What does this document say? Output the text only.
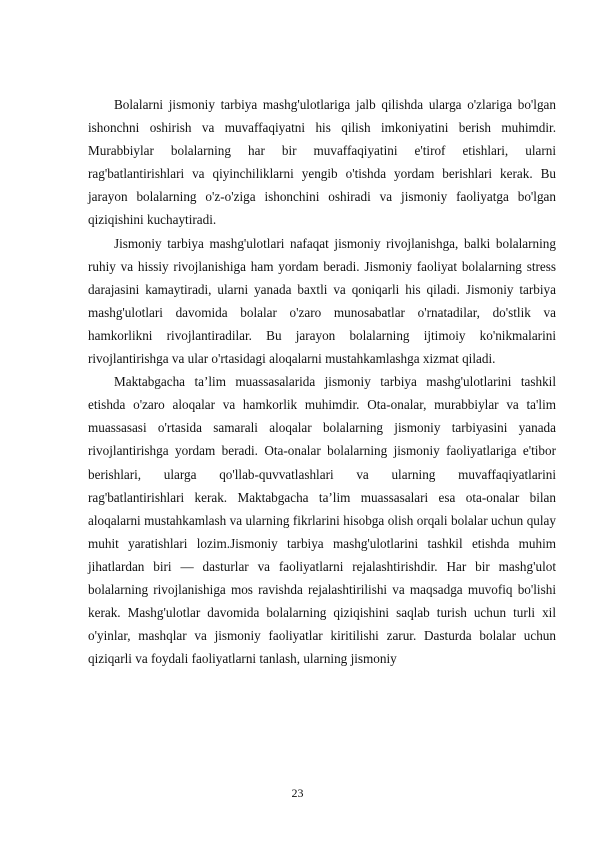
Bolalarni jismoniy tarbiya mashg'ulotlariga jalb qilishda ularga o'zlariga bo'lgan ishonchni oshirish va muvaffaqiyatni his qilish imkoniyatini berish muhimdir. Murabbiylar bolalarning har bir muvaffaqiyatini e'tirof etishlari, ularni rag'batlantirishlari va qiyinchiliklarni yengib o'tishda yordam berishlari kerak. Bu jarayon bolalarning o'z-o'ziga ishonchini oshiradi va jismoniy faoliyatga bo'lgan qiziqishini kuchaytiradi.

Jismoniy tarbiya mashg'ulotlari nafaqat jismoniy rivojlanishga, balki bolalarning ruhiy va hissiy rivojlanishiga ham yordam beradi. Jismoniy faoliyat bolalarning stress darajasini kamaytiradi, ularni yanada baxtli va qoniqarli his qiladi. Jismoniy tarbiya mashg'ulotlari davomida bolalar o'zaro munosabatlar o'rnatadilar, do'stlik va hamkorlikni rivojlantiradilar. Bu jarayon bolalarning ijtimoiy ko'nikmalarini rivojlantirishga va ular o'rtasidagi aloqalarni mustahkamlashga xizmat qiladi.

Maktabgacha ta’lim muassasalarida jismoniy tarbiya mashg'ulotlarini tashkil etishda o'zaro aloqalar va hamkorlik muhimdir. Ota-onalar, murabbiylar va ta'lim muassasasi o'rtasida samarali aloqalar bolalarning jismoniy tarbiyasini yanada rivojlantirishga yordam beradi. Ota-onalar bolalarning jismoniy faoliyatlariga e'tibor berishlari, ularga qo'llab-quvvatlashlari va ularning muvaffaqiyatlarini rag'batlantirishlari kerak. Maktabgacha ta’lim muassasalari esa ota-onalar bilan aloqalarni mustahkamlash va ularning fikrlarini hisobga olish orqali bolalar uchun qulay muhit yaratishlari lozim.Jismoniy tarbiya mashg'ulotlarini tashkil etishda muhim jihatlardan biri — dasturlar va faoliyatlarni rejalashtirishdir. Har bir mashg'ulot bolalarning rivojlanishiga mos ravishda rejalashtirilishi va maqsadga muvofiq bo'lishi kerak. Mashg'ulotlar davomida bolalarning qiziqishini saqlab turish uchun turli xil o'yinlar, mashqlar va jismoniy faoliyatlar kiritilishi zarur. Dasturda bolalar uchun qiziqarli va foydali faoliyatlarni tanlash, ularning jismoniy

23
